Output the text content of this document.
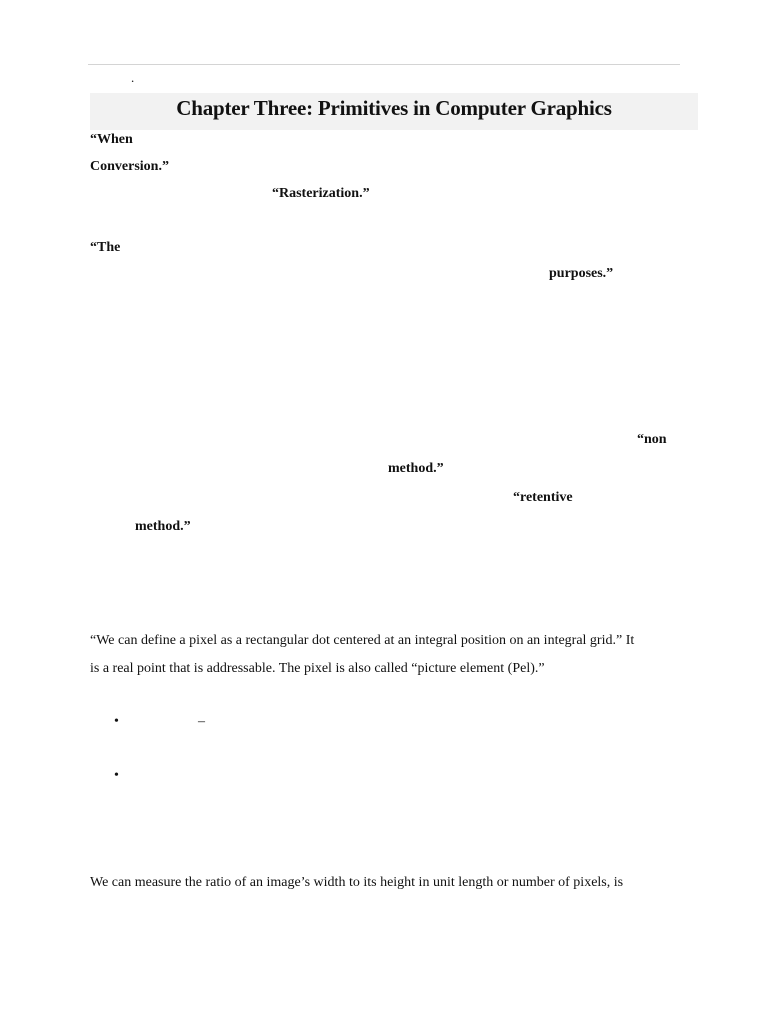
.
Chapter Three: Primitives in Computer Graphics
“When
Conversion.”
“Rasterization.”
“The
purposes.”
“non
method.”
“retentive
method.”
“We can define a pixel as a rectangular dot centered at an integral position on an integral grid.” It
is a real point that is addressable. The pixel is also called “picture element (Pel).”
•	–
•
We can measure the ratio of an image’s width to its height in unit length or number of pixels, is
